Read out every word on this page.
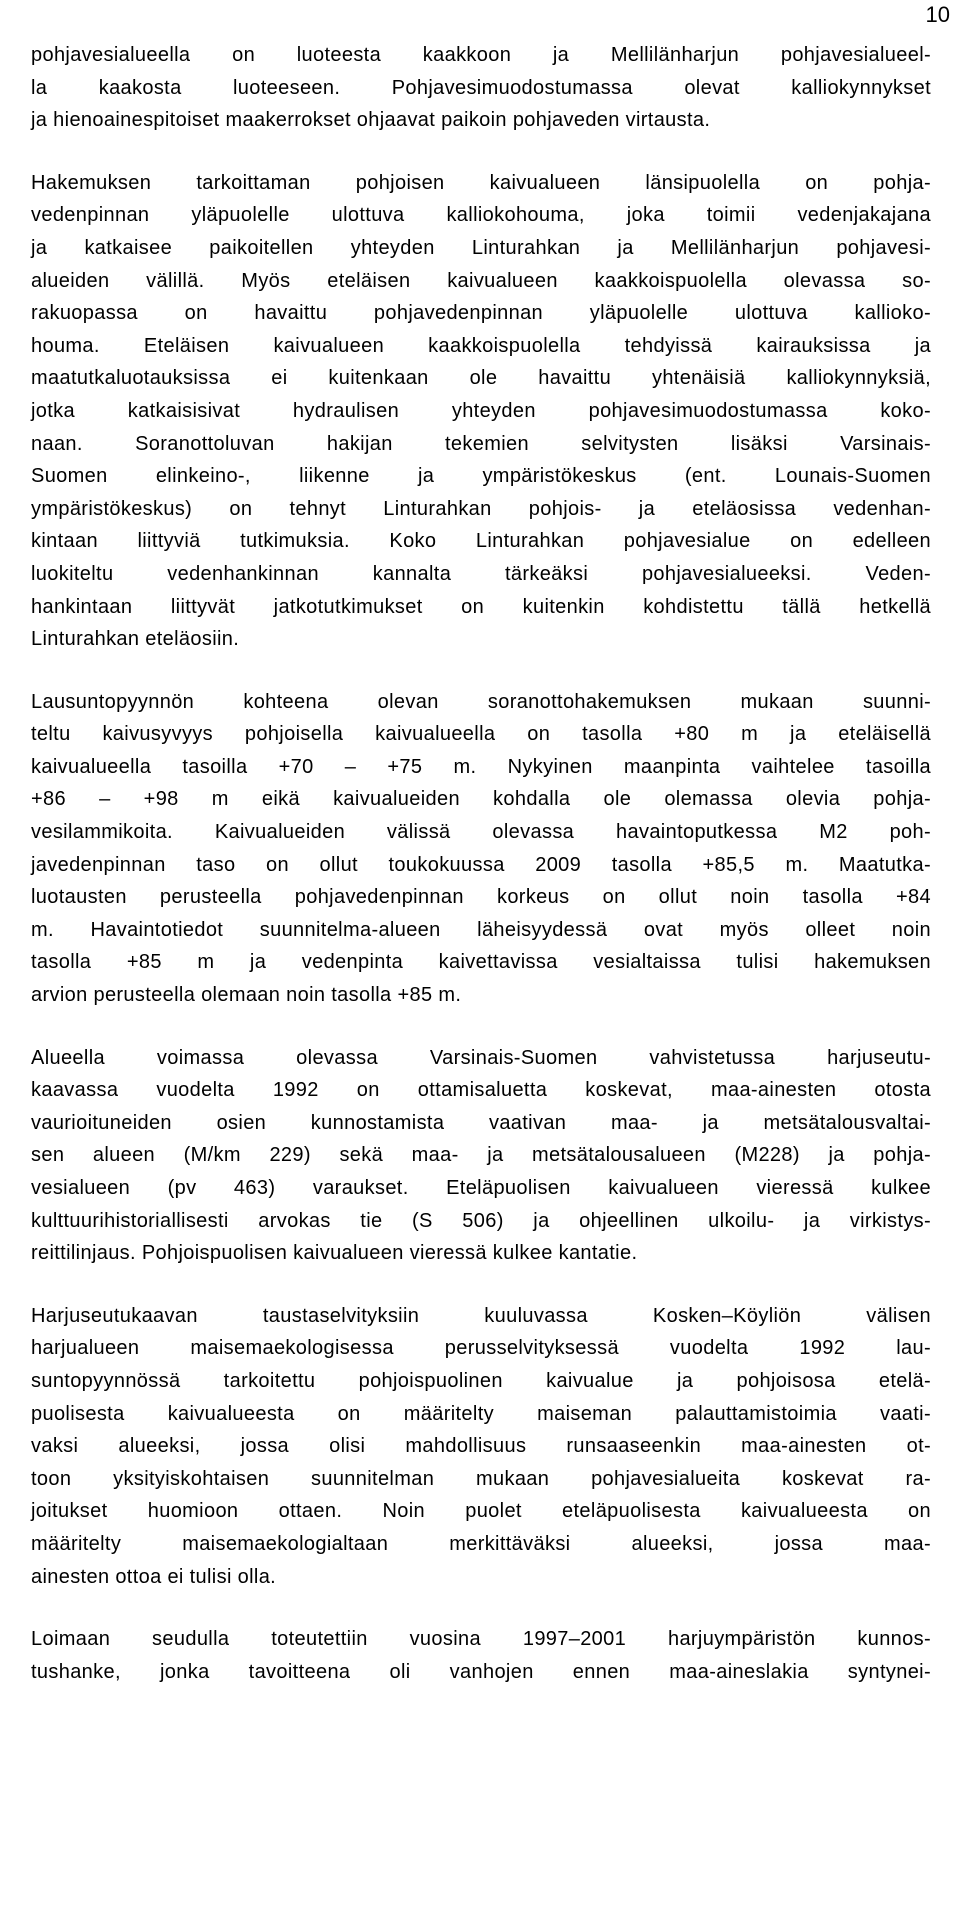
10
pohjavesialueella on luoteesta kaakkoon ja Mellilänharjun pohjavesialueel-
la kaakosta luoteeseen. Pohjavesimuodostumassa olevat kalliokynnykset
ja hienoainespitoiset maakerrokset ohjaavat paikoin pohjaveden virtausta.
Hakemuksen tarkoittaman pohjoisen kaivualueen länsipuolella on pohja-
vedenpinnan yläpuolelle ulottuva kalliokohouma, joka toimii vedenjakajana
ja katkaisee paikoitellen yhteyden Linturahkan ja Mellilänharjun pohjavesi-
alueiden välillä. Myös eteläisen kaivualueen kaakkoispuolella olevassa so-
rakuopassa on havaittu pohjavedenpinnan yläpuolelle ulottuva kalliokо-
houma. Eteläisen kaivualueen kaakkoispuolella tehdyissä kairauksissa ja
maatutkaluotauksissa ei kuitenkaan ole havaittu yhtenäisiä kalliokynnyksiä,
jotka katkaisisivat hydraulisen yhteyden pohjavesimuodostumassa koko-
naan. Soranottoluvan hakijan tekemien selvitysten lisäksi Varsinais-
Suomen elinkeino-, liikenne ja ympäristökeskus (ent. Lounais-Suomen
ympäristökeskus) on tehnyt Linturahkan pohjois- ja eteläosissa vedenhan-
kintaan liittyviä tutkimuksia. Koko Linturahkan pohjavesialue on edelleen
luokiteltu vedenhankinnan kannalta tärkeäksi pohjavesialueeksi. Veden-
hankintaan liittyvät jatkotutkimukset on kuitenkin kohdistettu tällä hetkellä
Linturahkan eteläosiin.
Lausuntopyynnön kohteena olevan soranottohakemuksen mukaan suunni-
teltu kaivusyvyys pohjoisella kaivualueella on tasolla +80 m ja eteläisellä
kaivualueella tasoilla +70 – +75 m. Nykyinen maanpinta vaihtelee tasoilla
+86 – +98 m eikä kaivualueiden kohdalla ole olemassa olevia pohja-
vesilammikoita. Kaivualueiden välissä olevassa havaintoputkessa M2 poh-
javedenpinnan taso on ollut toukokuussa 2009 tasolla +85,5 m. Maatutka-
luotausten perusteella pohjavedenpinnan korkeus on ollut noin tasolla +84
m. Havaintotiedot suunnitelma-alueen läheisyydessä ovat myös olleet noin
tasolla +85 m ja vedenpinta kaivettavissa vesialtaissa tulisi hakemuksen
arvion perusteella olemaan noin tasolla +85 m.
Alueella voimassa olevassa Varsinais-Suomen vahvistetussa harjuseutu-
kaavassa vuodelta 1992 on ottamisaluetta koskevat, maa-ainesten otosta
vaurioituneiden osien kunnostamista vaativan maa- ja metsätalousvaltai-
sen alueen (M/km 229) sekä maa- ja metsätalousalueen (M228) ja pohja-
vesialueen (pv 463) varaukset. Eteläpuolisen kaivualueen vieressä kulkee
kulttuurihistoriallisesti arvokas tie (S 506) ja ohjeellinen ulkoilu- ja virkistys-
reittilinjaus. Pohjoispuolisen kaivualueen vieressä kulkee kantatie.
Harjuseutukaavan taustaselvityksiin kuuluvassa Kosken–Köyliön välisen
harjualueen maisemaekologisessa perusselvityksessä vuodelta 1992 lau-
suntopyynnössä tarkoitettu pohjoispuolinen kaivualue ja pohjoisosa etelä-
puolisesta kaivualueesta on määritelty maiseman palauttamistoimia vaati-
vaksi alueeksi, jossa olisi mahdollisuus runsaaseenkin maa-ainesten ot-
toon yksityiskohtaisen suunnitelman mukaan pohjavesialueita koskevat ra-
joitukset huomioon ottaen. Noin puolet eteläpuolisesta kaivualueesta on
määritelty maisemaekologialtaan merkittäväksi alueeksi, jossa maa-
ainesten ottoa ei tulisi olla.
Loimaan seudulla toteutettiin vuosina 1997–2001 harjuympäristön kunnos-
tushanke, jonka tavoitteena oli vanhojen ennen maa-aineslakia syntynei-
